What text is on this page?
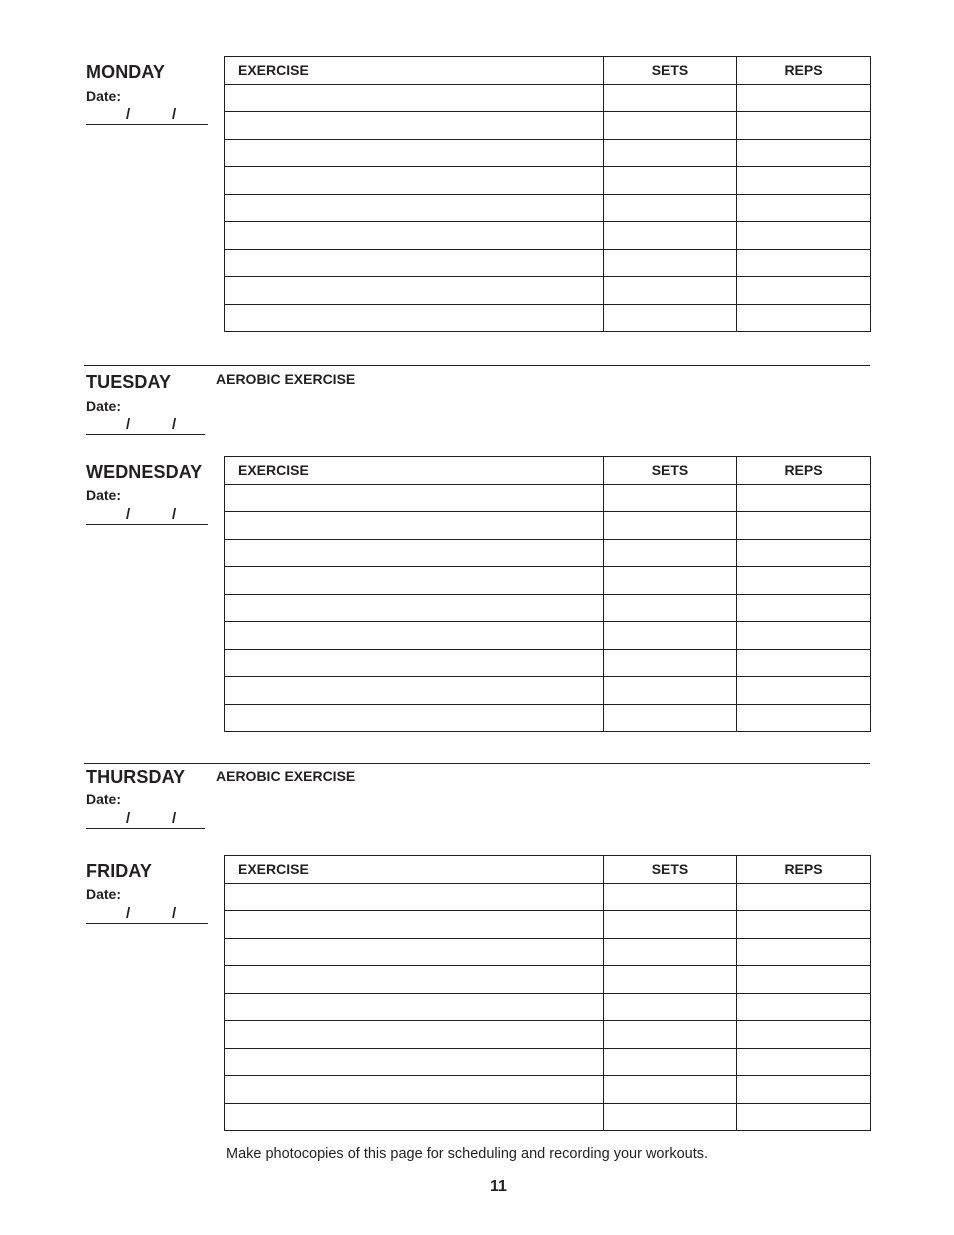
MONDAY
Date:
/	/
EXERCISE	SETS	REPS

TUESDAY	AEROBIC EXERCISE
Date:
/	/
WEDNESDAY
Date:
/	/
EXERCISE	SETS	REPS

THURSDAY AEROBIC EXERCISE
Date:
/	/
FRIDAY
Date:
/	/
EXERCISE	SETS	REPS

Make photocopies of this page for scheduling and recording your workouts.
11
